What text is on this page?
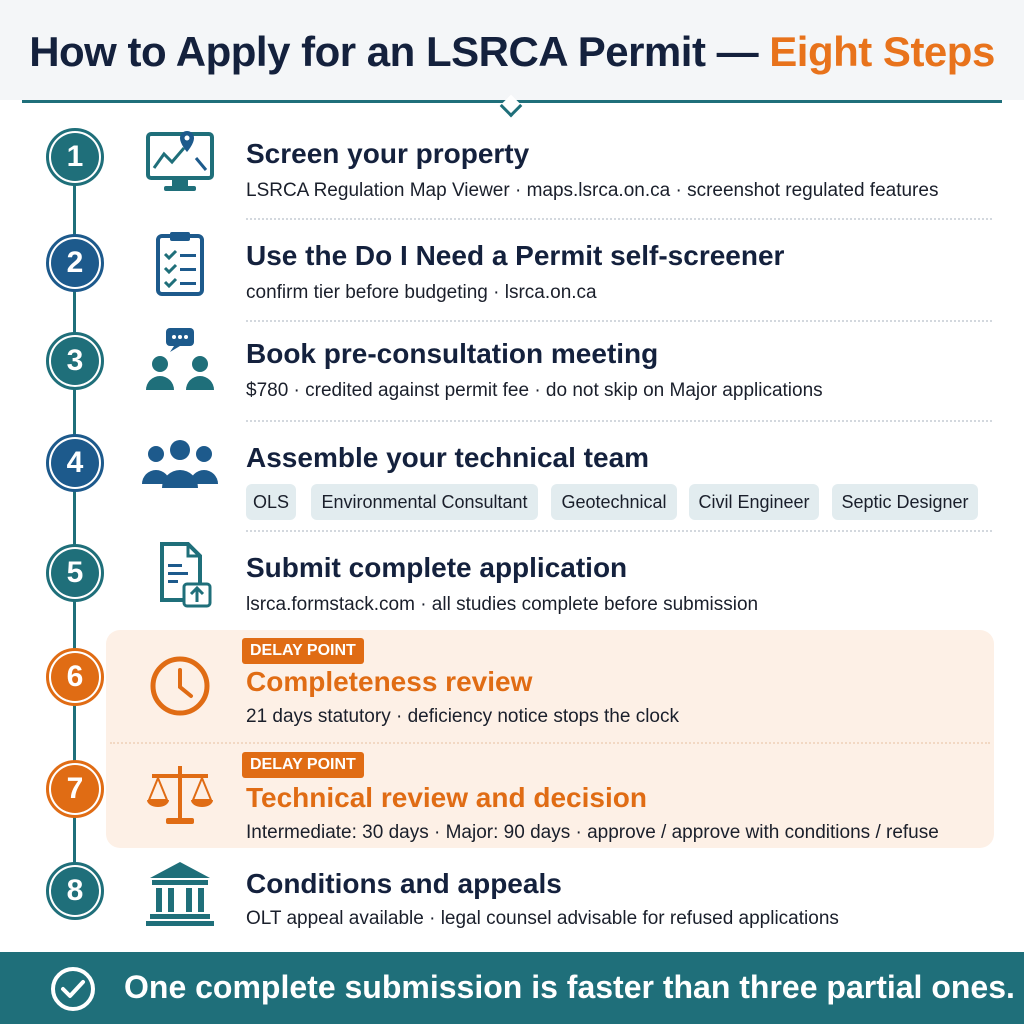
How to Apply for an LSRCA Permit — Eight Steps
1	Screen your property
LSRCA Regulation Map Viewer · maps.lsrca.on.ca · screenshot regulated features
2	Use the Do I Need a Permit self-screener
confirm tier before budgeting · lsrca.on.ca
3	Book pre-consultation meeting
$780 · credited against permit fee · do not skip on Major applications
4	Assemble your technical team
OLS	Environmental Consultant	Geotechnical	Civil Engineer	Septic Designer
5	Submit complete application
lsrca.formstack.com · all studies complete before submission
DELAY POINT
6	Completeness review
21 days statutory · deficiency notice stops the clock
DELAY POINT
7	Technical review and decision
Intermediate: 30 days · Major: 90 days · approve / approve with conditions / refuse
8	Conditions and appeals
OLT appeal available · legal counsel advisable for refused applications
One complete submission is faster than three partial ones.
